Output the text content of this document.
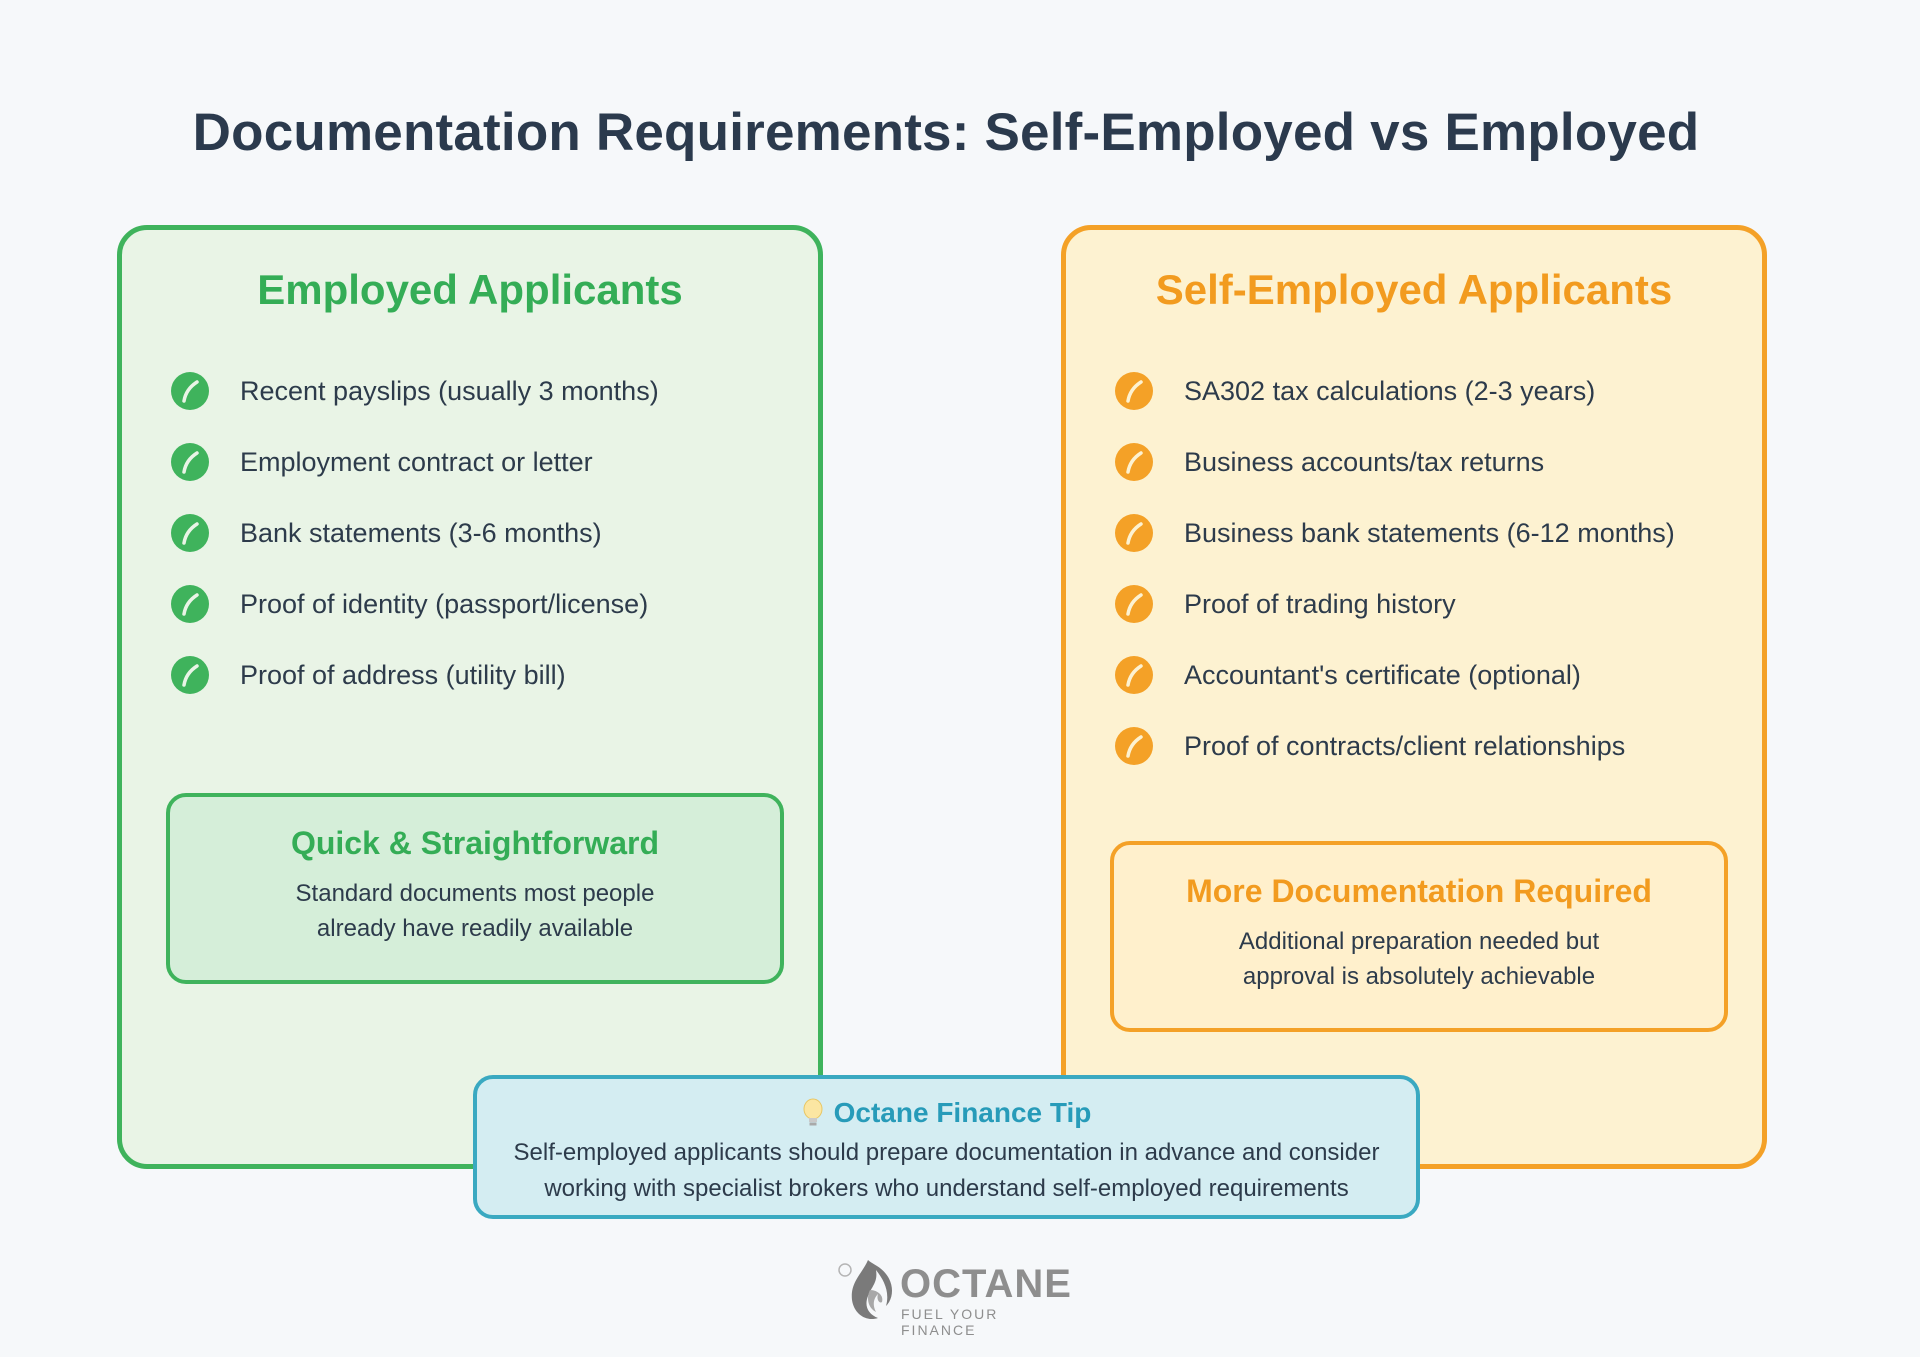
Documentation Requirements: Self-Employed vs Employed
Employed Applicants
Recent payslips (usually 3 months)
Employment contract or letter
Bank statements (3-6 months)
Proof of identity (passport/license)
Proof of address (utility bill)
Quick & Straightforward
Standard documents most people already have readily available
Self-Employed Applicants
SA302 tax calculations (2-3 years)
Business accounts/tax returns
Business bank statements (6-12 months)
Proof of trading history
Accountant's certificate (optional)
Proof of contracts/client relationships
More Documentation Required
Additional preparation needed but approval is absolutely achievable
Octane Finance Tip
Self-employed applicants should prepare documentation in advance and consider
working with specialist brokers who understand self-employed requirements
OCTANE
FUEL YOUR FINANCE
